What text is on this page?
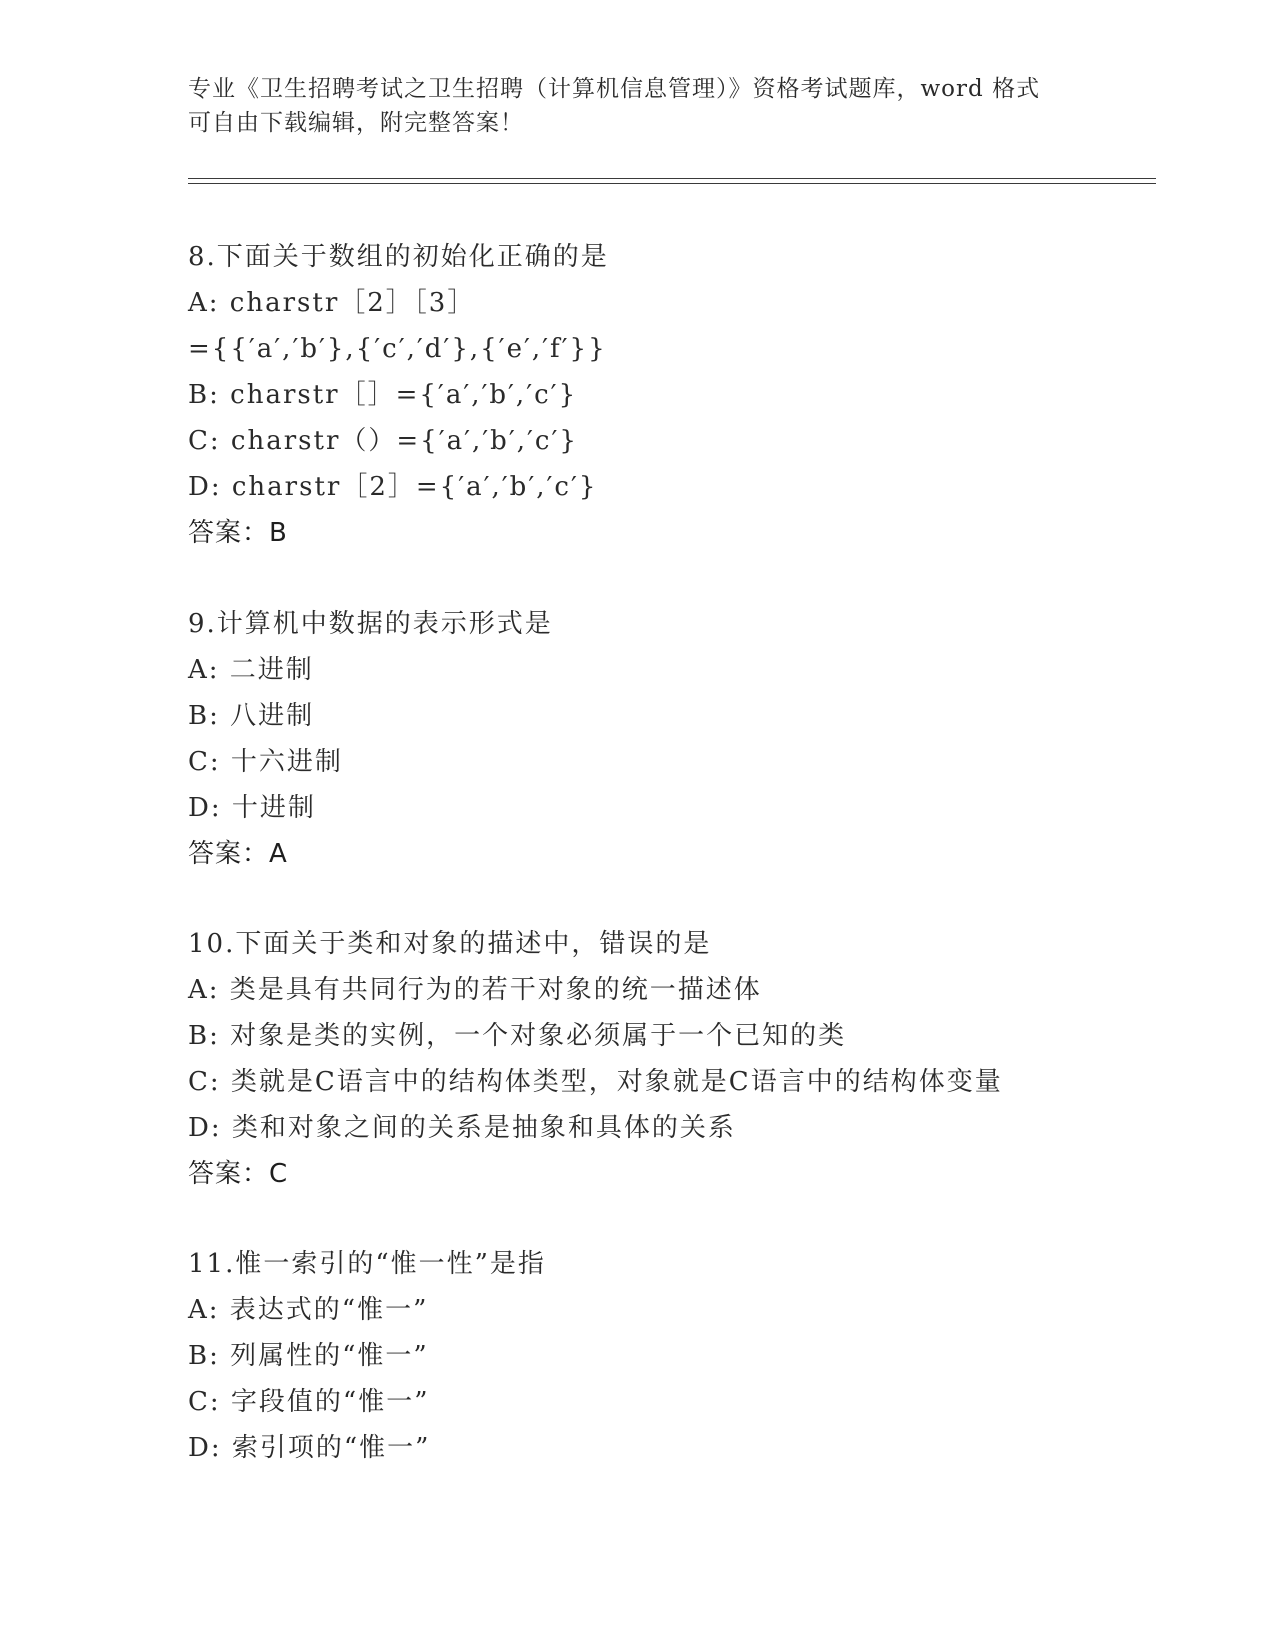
专业《卫生招聘考试之卫生招聘（计算机信息管理）》资格考试题库，word 格式
可自由下载编辑，附完整答案！
8.下面关于数组的初始化正确的是
A: charstr［2］［3］
={{′a′,′b′},{′c′,′d′},{′e′,′f′}}
B: charstr［］={′a′,′b′,′c′}
C: charstr（）={′a′,′b′,′c′}
D: charstr［2］={′a′,′b′,′c′}
答案：B
9.计算机中数据的表示形式是
A: 二进制
B: 八进制
C: 十六进制
D: 十进制
答案：A
10.下面关于类和对象的描述中，错误的是
A: 类是具有共同行为的若干对象的统一描述体
B: 对象是类的实例，一个对象必须属于一个已知的类
C: 类就是C语言中的结构体类型，对象就是C语言中的结构体变量
D: 类和对象之间的关系是抽象和具体的关系
答案：C
11.惟一索引的“惟一性”是指
A: 表达式的“惟一”
B: 列属性的“惟一”
C: 字段值的“惟一”
D: 索引项的“惟一”
